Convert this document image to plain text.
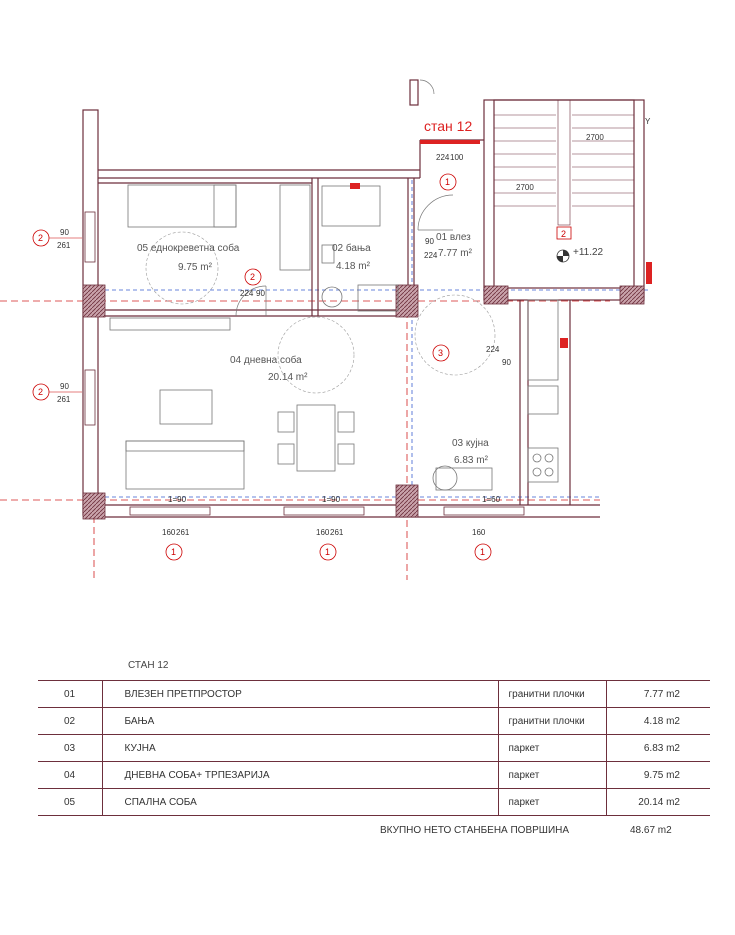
05 еднокреветна соба
9.75 m²
02 бања
4.18 m²
01 влез
7.77 m²
04 дневна соба
20.14 m²
03 кујна
6.83 m²
стан 12
+11.22
2
2
2
1	1	1
1
2
3
90
261
90
261
90
224
224 90
100
224
224
90
160 261	160 261	160
1=90	1=90	1=60
2700
2700
Y
СТАН 12
01	ВЛЕЗЕН ПРЕТПРОСТОР	гранитни плочки	7.77 m2
02	БАЊА	гранитни плочки	4.18 m2
03	КУЈНА	паркет	6.83 m2
04	ДНЕВНА СОБА+ ТРПЕЗАРИЈА	паркет	9.75 m2
05	СПАЛНА СОБА	паркет	20.14 m2
ВКУПНО НЕТО СТАНБЕНА ПОВРШИНА	48.67 m2
